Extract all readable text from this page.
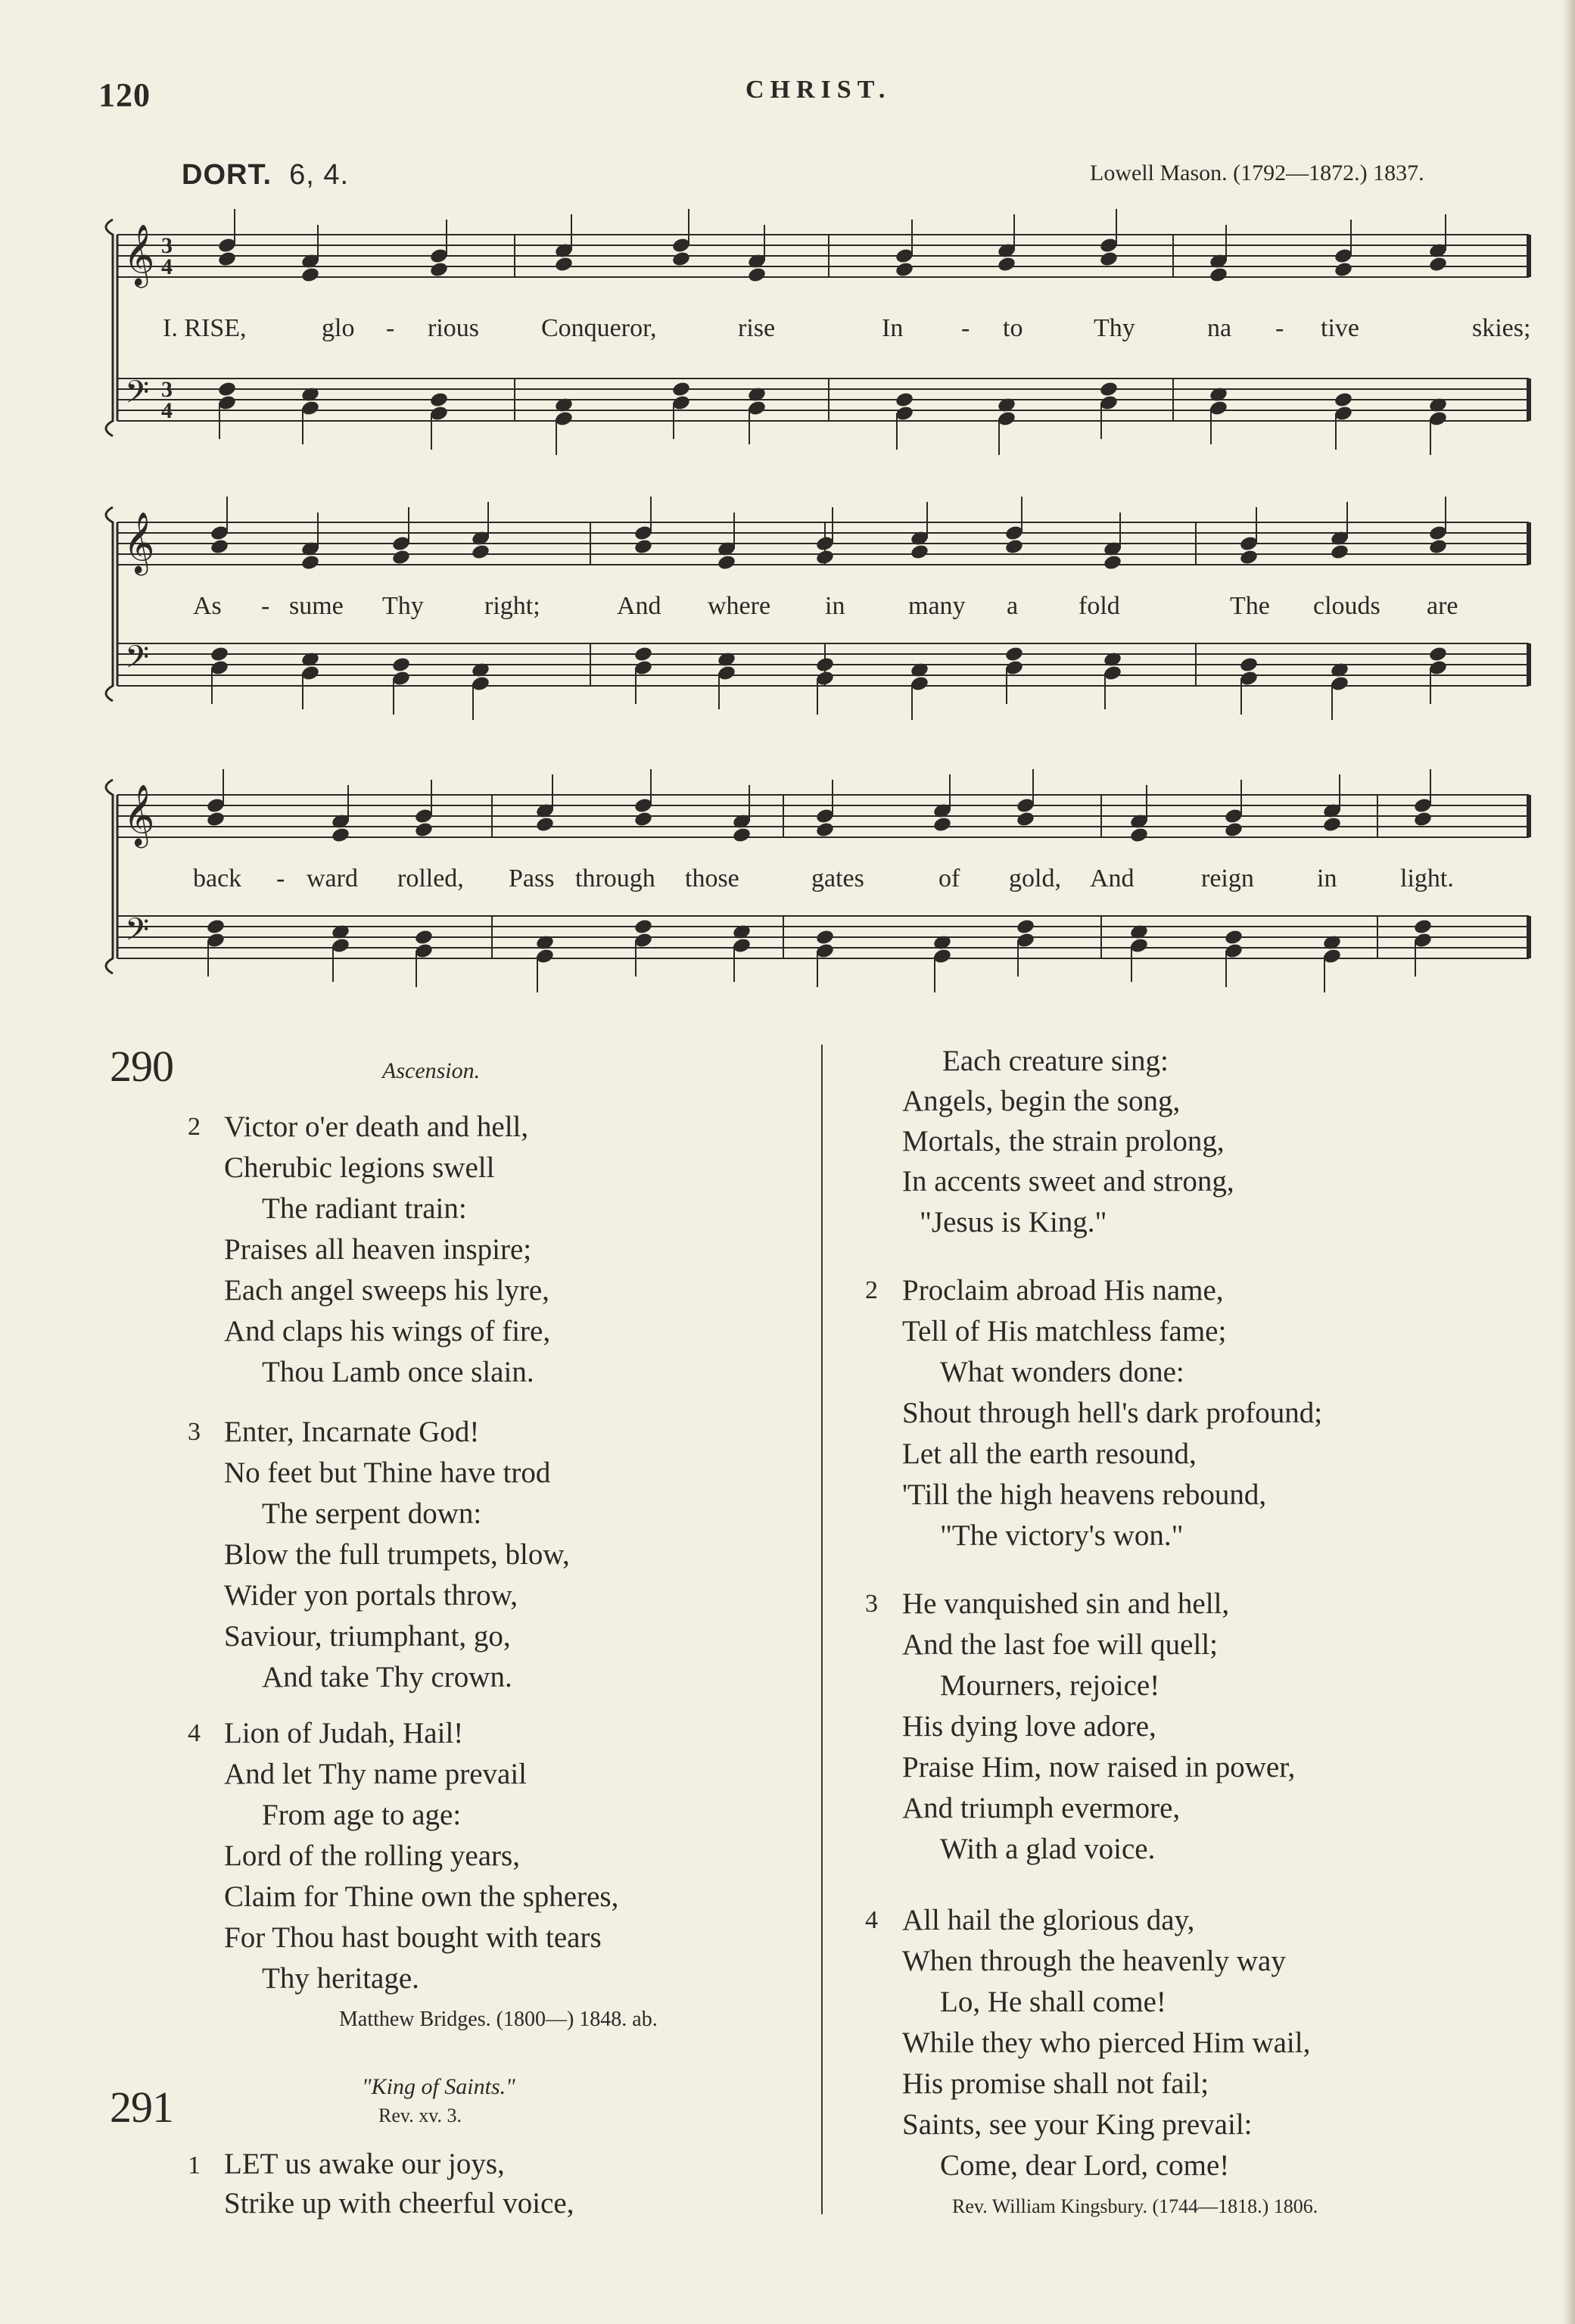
120	CHRIST.
DORT. 6, 4.	Lowell Mason. (1792—1872.) 1837.
𝄞
𝄢
3
4
3
4
𝄞
𝄢
𝄞
𝄢
I. RISE,	glo - rious Conqueror,	rise	In - to	Thy	na - tive	skies;
As - sume Thy right;	And where in many a fold	The clouds are
back - ward rolled, Pass through those	gates	of gold, And	reign in light.
290	Ascension.
2 Victor o'er death and hell,
Cherubic legions swell
The radiant train:
Praises all heaven inspire;
Each angel sweeps his lyre,
And claps his wings of fire,
Thou Lamb once slain.
3 Enter, Incarnate God!
No feet but Thine have trod
The serpent down:
Blow the full trumpets, blow,
Wider yon portals throw,
Saviour, triumphant, go,
And take Thy crown.
4 Lion of Judah, Hail!
And let Thy name prevail
From age to age:
Lord of the rolling years,
Claim for Thine own the spheres,
For Thou hast bought with tears
Thy heritage.
Matthew Bridges. (1800—) 1848. ab.
291	"King of Saints."
Rev. xv. 3.
1 LET us awake our joys,
Strike up with cheerful voice,
Each creature sing:
Angels, begin the song,
Mortals, the strain prolong,
In accents sweet and strong,
"Jesus is King."
2 Proclaim abroad His name,
Tell of His matchless fame;
What wonders done:
Shout through hell's dark profound;
Let all the earth resound,
'Till the high heavens rebound,
"The victory's won."
3 He vanquished sin and hell,
And the last foe will quell;
Mourners, rejoice!
His dying love adore,
Praise Him, now raised in power,
And triumph evermore,
With a glad voice.
4 All hail the glorious day,
When through the heavenly way
Lo, He shall come!
While they who pierced Him wail,
His promise shall not fail;
Saints, see your King prevail:
Come, dear Lord, come!
Rev. William Kingsbury. (1744—1818.) 1806.
